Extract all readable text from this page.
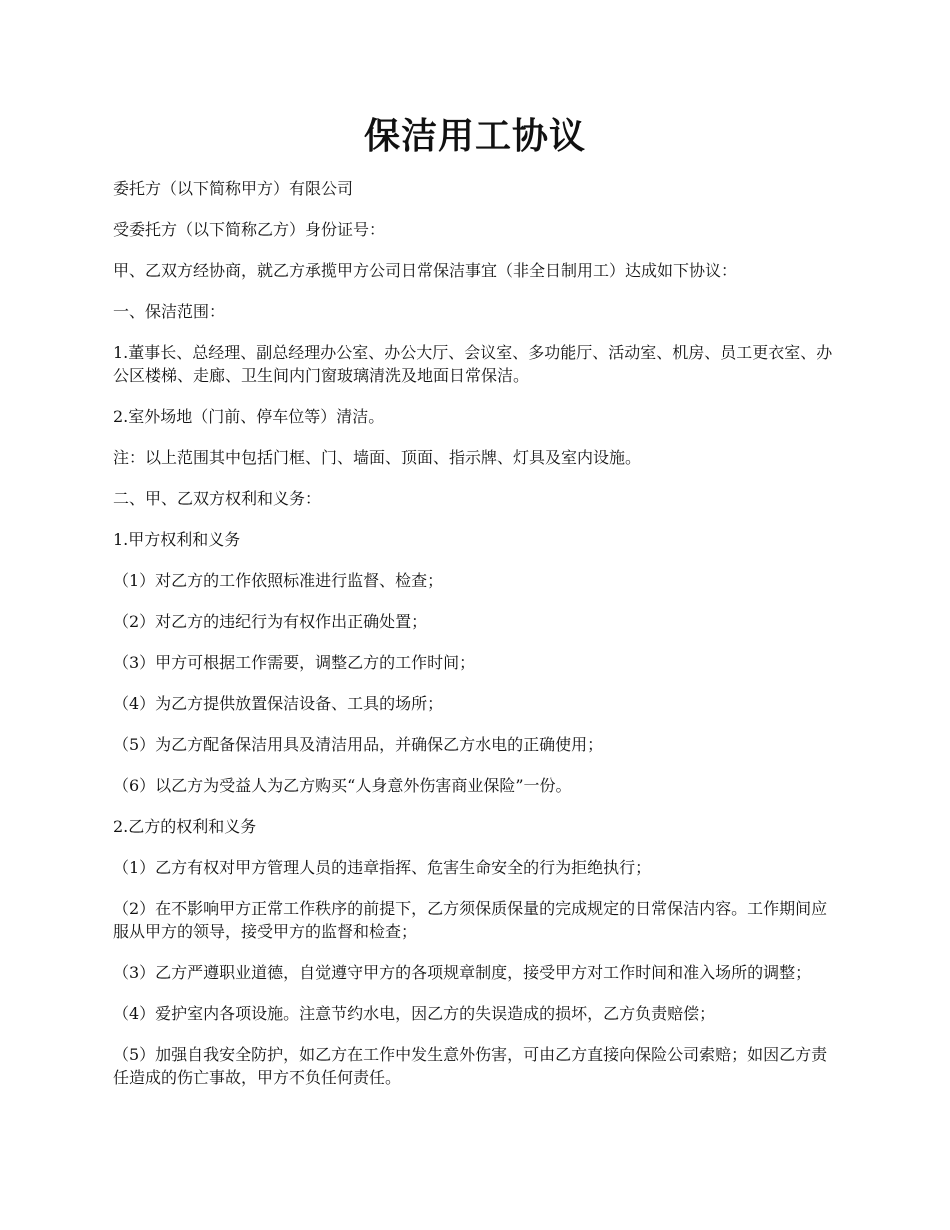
保洁用工协议

委托方（以下简称甲方）有限公司

受委托方（以下简称乙方）身份证号：

甲、乙双方经协商，就乙方承揽甲方公司日常保洁事宜（非全日制用工）达成如下协议：

一、保洁范围：

1.董事长、总经理、副总经理办公室、办公大厅、会议室、多功能厅、活动室、机房、员工更衣室、办公区楼梯、走廊、卫生间内门窗玻璃清洗及地面日常保洁。

2.室外场地（门前、停车位等）清洁。

注：以上范围其中包括门框、门、墙面、顶面、指示牌、灯具及室内设施。

二、甲、乙双方权利和义务：

1.甲方权利和义务

（1）对乙方的工作依照标准进行监督、检查；

（2）对乙方的违纪行为有权作出正确处置；

（3）甲方可根据工作需要，调整乙方的工作时间；

（4）为乙方提供放置保洁设备、工具的场所；

（5）为乙方配备保洁用具及清洁用品，并确保乙方水电的正确使用；

（6）以乙方为受益人为乙方购买“人身意外伤害商业保险”一份。

2.乙方的权利和义务

（1）乙方有权对甲方管理人员的违章指挥、危害生命安全的行为拒绝执行；

（2）在不影响甲方正常工作秩序的前提下，乙方须保质保量的完成规定的日常保洁内容。工作期间应服从甲方的领导，接受甲方的监督和检查；

（3）乙方严遵职业道德，自觉遵守甲方的各项规章制度，接受甲方对工作时间和准入场所的调整；

（4）爱护室内各项设施。注意节约水电，因乙方的失误造成的损坏，乙方负责赔偿；

（5）加强自我安全防护，如乙方在工作中发生意外伤害，可由乙方直接向保险公司索赔；如因乙方责任造成的伤亡事故，甲方不负任何责任。
